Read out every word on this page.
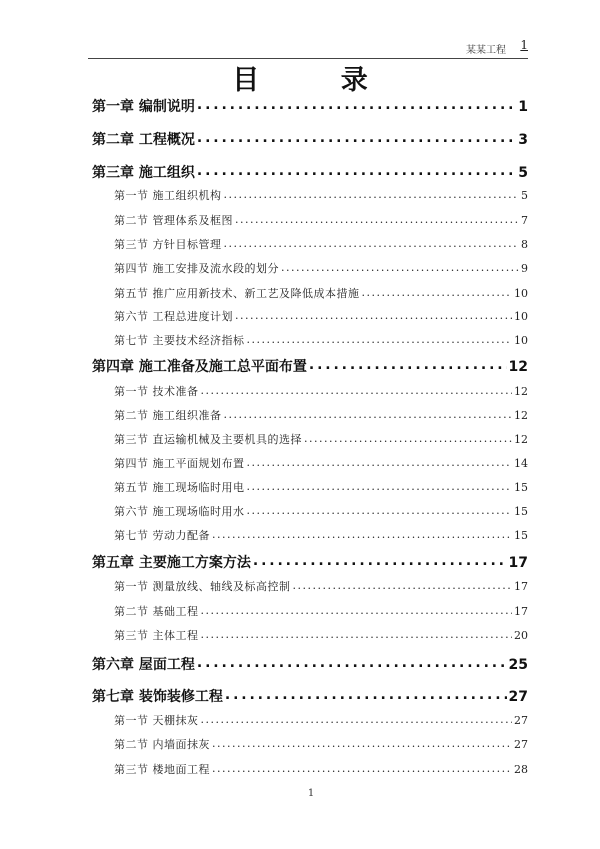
某某工程 1
目 录
第一章 编制说明 . . .	1
第二章 工程概况 . . .	3
第三章 施工组织 . . .	5
第一节 施工组织机构 . . .	5
第二节 管理体系及框图 . . .	7
第三节 方针目标管理 . . .	8
第四节 施工安排及流水段的划分 . . .	9
第五节 推广应用新技术、新工艺及降低成本措施 . . .	10
第六节 工程总进度计划 . . .	10
第七节 主要技术经济指标 . . .	10
第四章 施工准备及施工总平面布置 . . .	12
第一节 技术准备 . . .	12
第二节 施工组织准备 . . .	12
第三节 直运输机械及主要机具的选择 . . .	12
第四节 施工平面规划布置 . . .	14
第五节 施工现场临时用电 . . .	15
第六节 施工现场临时用水 . . .	15
第七节 劳动力配备 . . .	15
第五章 主要施工方案方法 . . .	17
第一节 测量放线、轴线及标高控制 . . .	17
第二节 基础工程 . . .	17
第三节 主体工程 . . .	20
第六章 屋面工程 . . .	25
第七章 装饰装修工程 . . .	27
第一节 天棚抹灰 . . .	27
第二节 内墙面抹灰 . . .	27
第三节 楼地面工程 . . .	28
1
